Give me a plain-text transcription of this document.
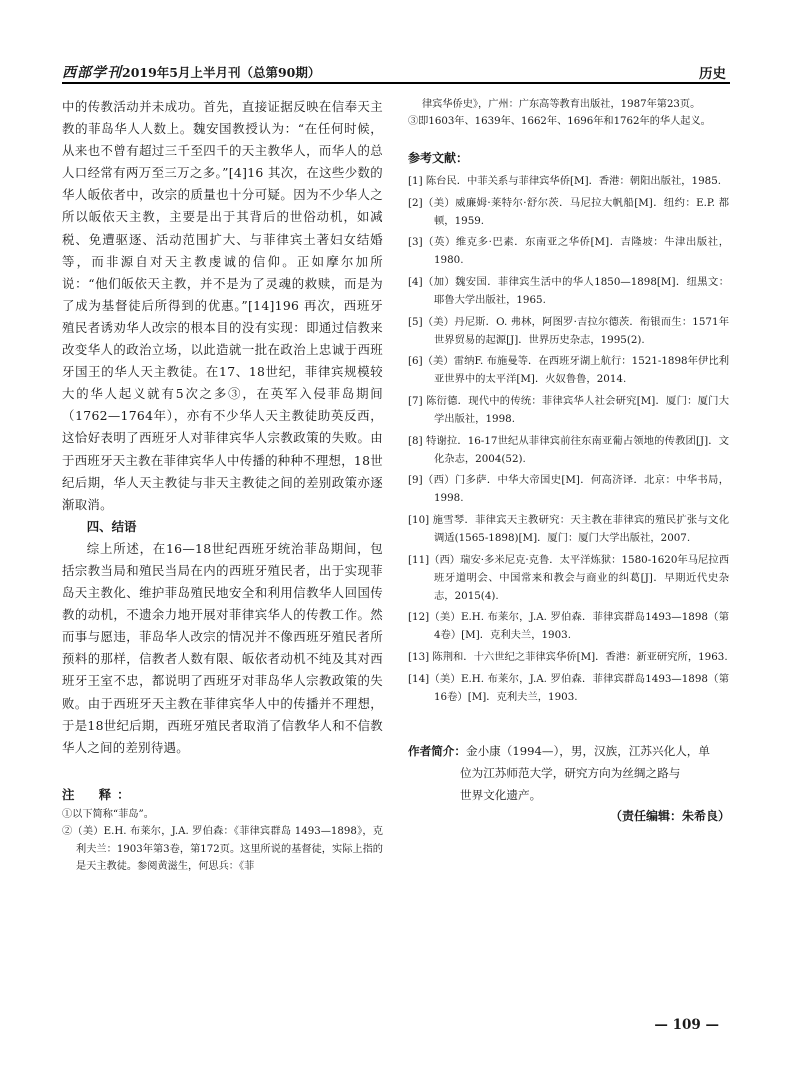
西部学刊2019年5月上半月刊（总第90期）	历史

中的传教活动并未成功。首先，直接证据反映在信奉天主教的菲岛华人人数上。魏安国教授认为：“在任何时候，从来也不曾有超过三千至四千的天主教华人，而华人的总人口经常有两万至三万之多。”[4]16 其次，在这些少数的华人皈依者中，改宗的质量也十分可疑。因为不少华人之所以皈依天主教，主要是出于其背后的世俗动机，如减税、免遭驱逐、活动范围扩大、与菲律宾土著妇女结婚等，而非源自对天主教虔诚的信仰。正如摩尔加所说：“他们皈依天主教，并不是为了灵魂的救赎，而是为了成为基督徒后所得到的优惠。”[14]196 再次，西班牙殖民者诱劝华人改宗的根本目的没有实现：即通过信教来改变华人的政治立场，以此造就一批在政治上忠诚于西班牙国王的华人天主教徒。在17、18世纪，菲律宾规模较大的华人起义就有5次之多③，在英军入侵菲岛期间（1762—1764年），亦有不少华人天主教徒助英反西，这恰好表明了西班牙人对菲律宾华人宗教政策的失败。由于西班牙天主教在菲律宾华人中传播的种种不理想，18世纪后期，华人天主教徒与非天主教徒之间的差别政策亦逐渐取消。

四、结语

综上所述，在16—18世纪西班牙统治菲岛期间，包括宗教当局和殖民当局在内的西班牙殖民者，出于实现菲岛天主教化、维护菲岛殖民地安全和利用信教华人回国传教的动机，不遗余力地开展对菲律宾华人的传教工作。然而事与愿违，菲岛华人改宗的情况并不像西班牙殖民者所预料的那样，信教者人数有限、皈依者动机不纯及其对西班牙王室不忠，都说明了西班牙对菲岛华人宗教政策的失败。由于西班牙天主教在菲律宾华人中的传播并不理想，于是18世纪后期，西班牙殖民者取消了信教华人和不信教华人之间的差别待遇。

注　释：

①以下简称“菲岛”。

②（美）E.H. 布莱尔，J.A. 罗伯森：《菲律宾群岛 1493—1898》，克利夫兰：1903年第3卷，第172页。这里所说的基督徒，实际上指的是天主教徒。参阅黄滋生，何思兵：《菲

律宾华侨史》，广州：广东高等教育出版社，1987年第23页。

③即1603年、1639年、1662年、1696年和1762年的华人起义。

参考文献：

[1] 陈台民．中菲关系与菲律宾华侨[M]．香港：朝阳出版社，1985.

[2]（美）威廉姆·莱特尔·舒尔茨．马尼拉大帆船[M]．纽约：E.P. 都顿，1959.

[3]（英）维克多·巴素．东南亚之华侨[M]．吉隆坡：牛津出版社，1980.

[4]（加）魏安国．菲律宾生活中的华人1850—1898[M]．纽黑文：耶鲁大学出版社，1965.

[5]（美）丹尼斯．O. 弗林，阿图罗·吉拉尔德茨．衔银而生：1571年世界贸易的起源[J]．世界历史杂志，1995(2).

[6]（美）雷纳F. 布施曼等．在西班牙湖上航行：1521-1898年伊比利亚世界中的太平洋[M]．火奴鲁鲁，2014.

[7] 陈衍德．现代中的传统：菲律宾华人社会研究[M]．厦门：厦门大学出版社，1998.

[8] 特谢拉．16-17世纪从菲律宾前往东南亚葡占领地的传教团[J]．文化杂志，2004(52).

[9]（西）门多萨．中华大帝国史[M]．何高济译．北京：中华书局，1998.

[10] 施雪琴．菲律宾天主教研究：天主教在菲律宾的殖民扩张与文化调适(1565-1898)[M]．厦门：厦门大学出版社，2007.

[11]（西）瑞安·多米尼克·克鲁．太平洋炼狱：1580-1620年马尼拉西班牙道明会、中国常来和教会与商业的纠葛[J]．早期近代史杂志，2015(4).

[12]（美）E.H. 布莱尔，J.A. 罗伯森．菲律宾群岛1493—1898（第4卷）[M]．克利夫兰，1903.

[13] 陈荆和．十六世纪之菲律宾华侨[M]．香港：新亚研究所，1963.

[14]（美）E.H. 布莱尔，J.A. 罗伯森．菲律宾群岛1493—1898（第16卷）[M]．克利夫兰，1903.

作者简介：金小康（1994—），男，汉族，江苏兴化人，单
位为江苏师范大学，研究方向为丝绸之路与
世界文化遗产。
（责任编辑：朱希良）
— 109 —
